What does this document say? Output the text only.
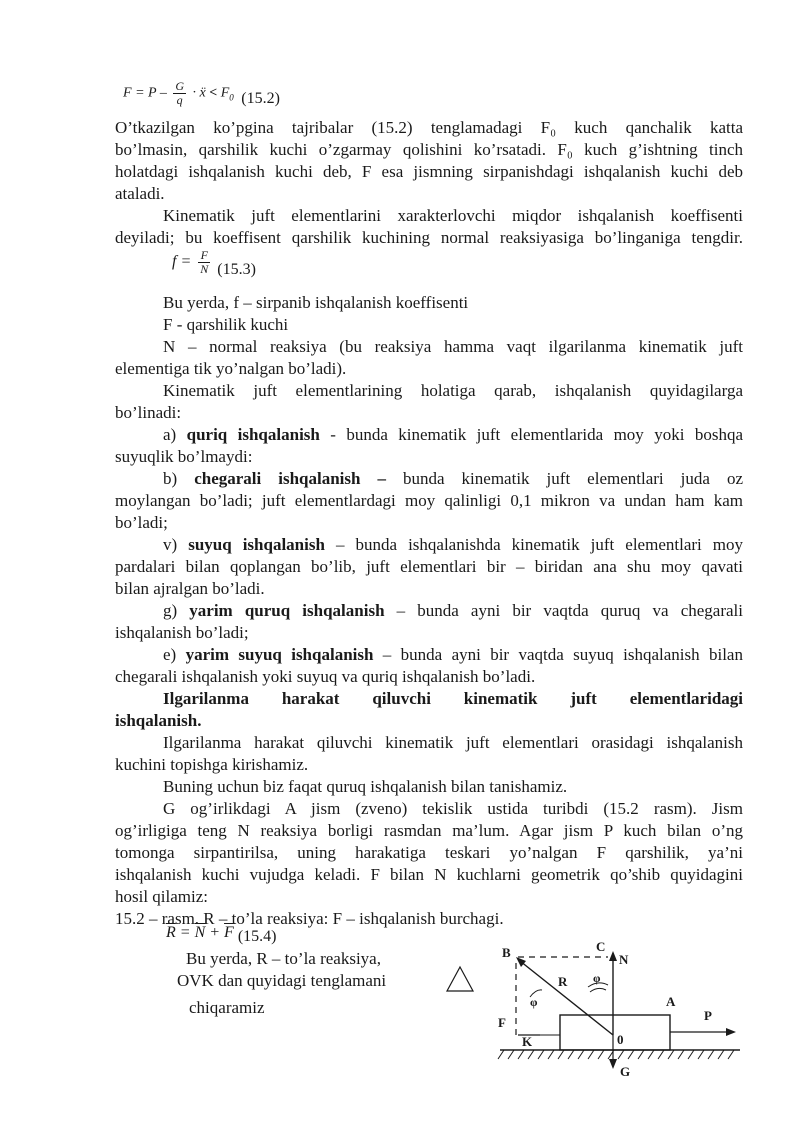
$F = P - \frac{G}{q}$ · ẍ < $F_0$ (15.2)
O’tkazilgan ko’pgina tajribalar (15.2) tenglamadagi F₀ kuch qanchalik katta
bo’lmasin, qarshilik kuchi o’zgarmay qolishini ko’rsatadi. F₀ kuch g’ishtning tinch
holatdagi ishqalanish kuchi deb, F esa jismning sirpanishdagi ishqalanish kuchi deb
ataladi.
Kinematik juft elementlarini xarakterlovchi miqdor ishqalanish koeffisenti
deyiladi; bu koeffisent qarshilik kuchining normal reaksiyasiga bo’linganiga tengdir.
$f = \frac{F}{N} (15.3)$
Bu yerda, f – sirpanib ishqalanish koeffisenti
F - qarshilik kuchi
N – normal reaksiya (bu reaksiya hamma vaqt ilgarilanma kinematik juft
elementiga tik yo’nalgan bo’ladi).
Kinematik juft elementlarining holatiga qarab, ishqalanish quyidagilarga
bo’linadi:
a) quriq ishqalanish - bunda kinematik juft elementlarida moy yoki boshqa
suyuqlik bo’lmaydi:
b) chegarali ishqalanish – bunda kinematik juft elementlari juda oz
moylangan bo’ladi; juft elementlardagi moy qalinligi 0,1 mikron va undan ham kam
bo’ladi;
v) suyuq ishqalanish – bunda ishqalanishda kinematik juft elementlari moy
pardalari bilan qoplangan bo’lib, juft elementlari bir – biridan ana shu moy qavati
bilan ajralgan bo’ladi.
g) yarim quruq ishqalanish – bunda ayni bir vaqtda quruq va chegarali
ishqalanish bo’ladi;
e) yarim suyuq ishqalanish – bunda ayni bir vaqtda suyuq ishqalanish bilan
chegarali ishqalanish yoki suyuq va quriq ishqalanish bo’ladi.
Ilgarilanma harakat qiluvchi kinematik juft elementlaridagi
ishqalanish.
Ilgarilanma harakat qiluvchi kinematik juft elementlari orasidagi ishqalanish
kuchini topishga kirishamiz.
Buning uchun biz faqat quruq ishqalanish bilan tanishamiz.
G og’irlikdagi A jism (zveno) tekislik ustida turibdi (15.2 rasm). Jism
og’irligiga teng N reaksiya borligi rasmdan ma’lum. Agar jism P kuch bilan o’ng
tomonga sirpantirilsa, uning harakatiga teskari yo’nalgan F qarshilik, ya’ni
ishqalanish kuchi vujudga keladi. F bilan N kuchlarni geometrik qo’shib quyidagini
hosil qilamiz:
15.2 – rasm. R – to’la reaksiya: F – ishqalanish burchagi.
$\overline{R} = \overline{N} + \overline{F}$ (15.4)
Bu yerda, R – to’la reaksiya,
OVK dan quyidagi tenglamani
chiqaramiz
B	C
N
R
φ
φ
A
P
F
K	0
G
